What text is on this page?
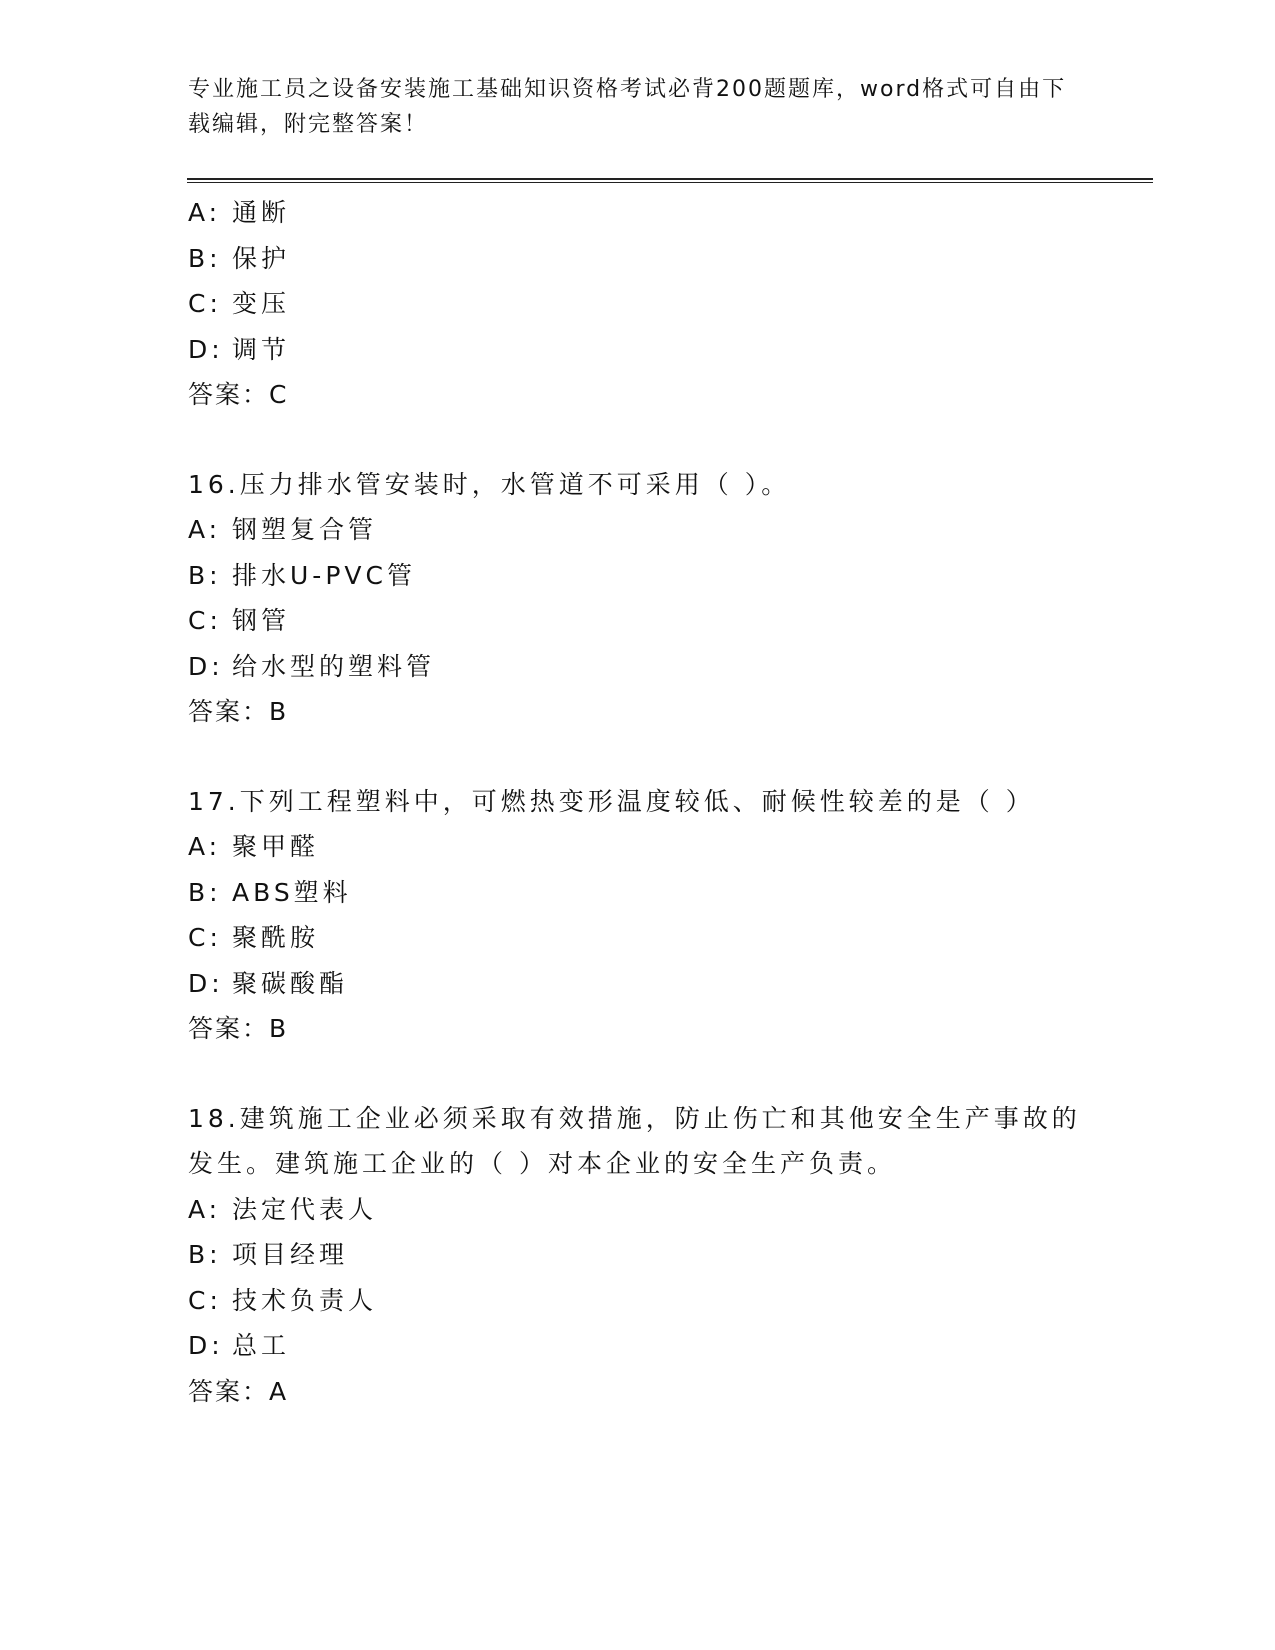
专业施工员之设备安装施工基础知识资格考试必背200题题库，word格式可自由下载编辑，附完整答案！
A: 通断
B: 保护
C: 变压
D: 调节
答案：C
16.压力排水管安装时，水管道不可采用（ ）。
A: 钢塑复合管
B: 排水U-PVC管
C: 钢管
D: 给水型的塑料管
答案：B
17.下列工程塑料中，可燃热变形温度较低、耐候性较差的是（ ）
A: 聚甲醛
B: ABS塑料
C: 聚酰胺
D: 聚碳酸酯
答案：B
18.建筑施工企业必须采取有效措施，防止伤亡和其他安全生产事故的发生。建筑施工企业的（ ）对本企业的安全生产负责。
A: 法定代表人
B: 项目经理
C: 技术负责人
D: 总工
答案：A
